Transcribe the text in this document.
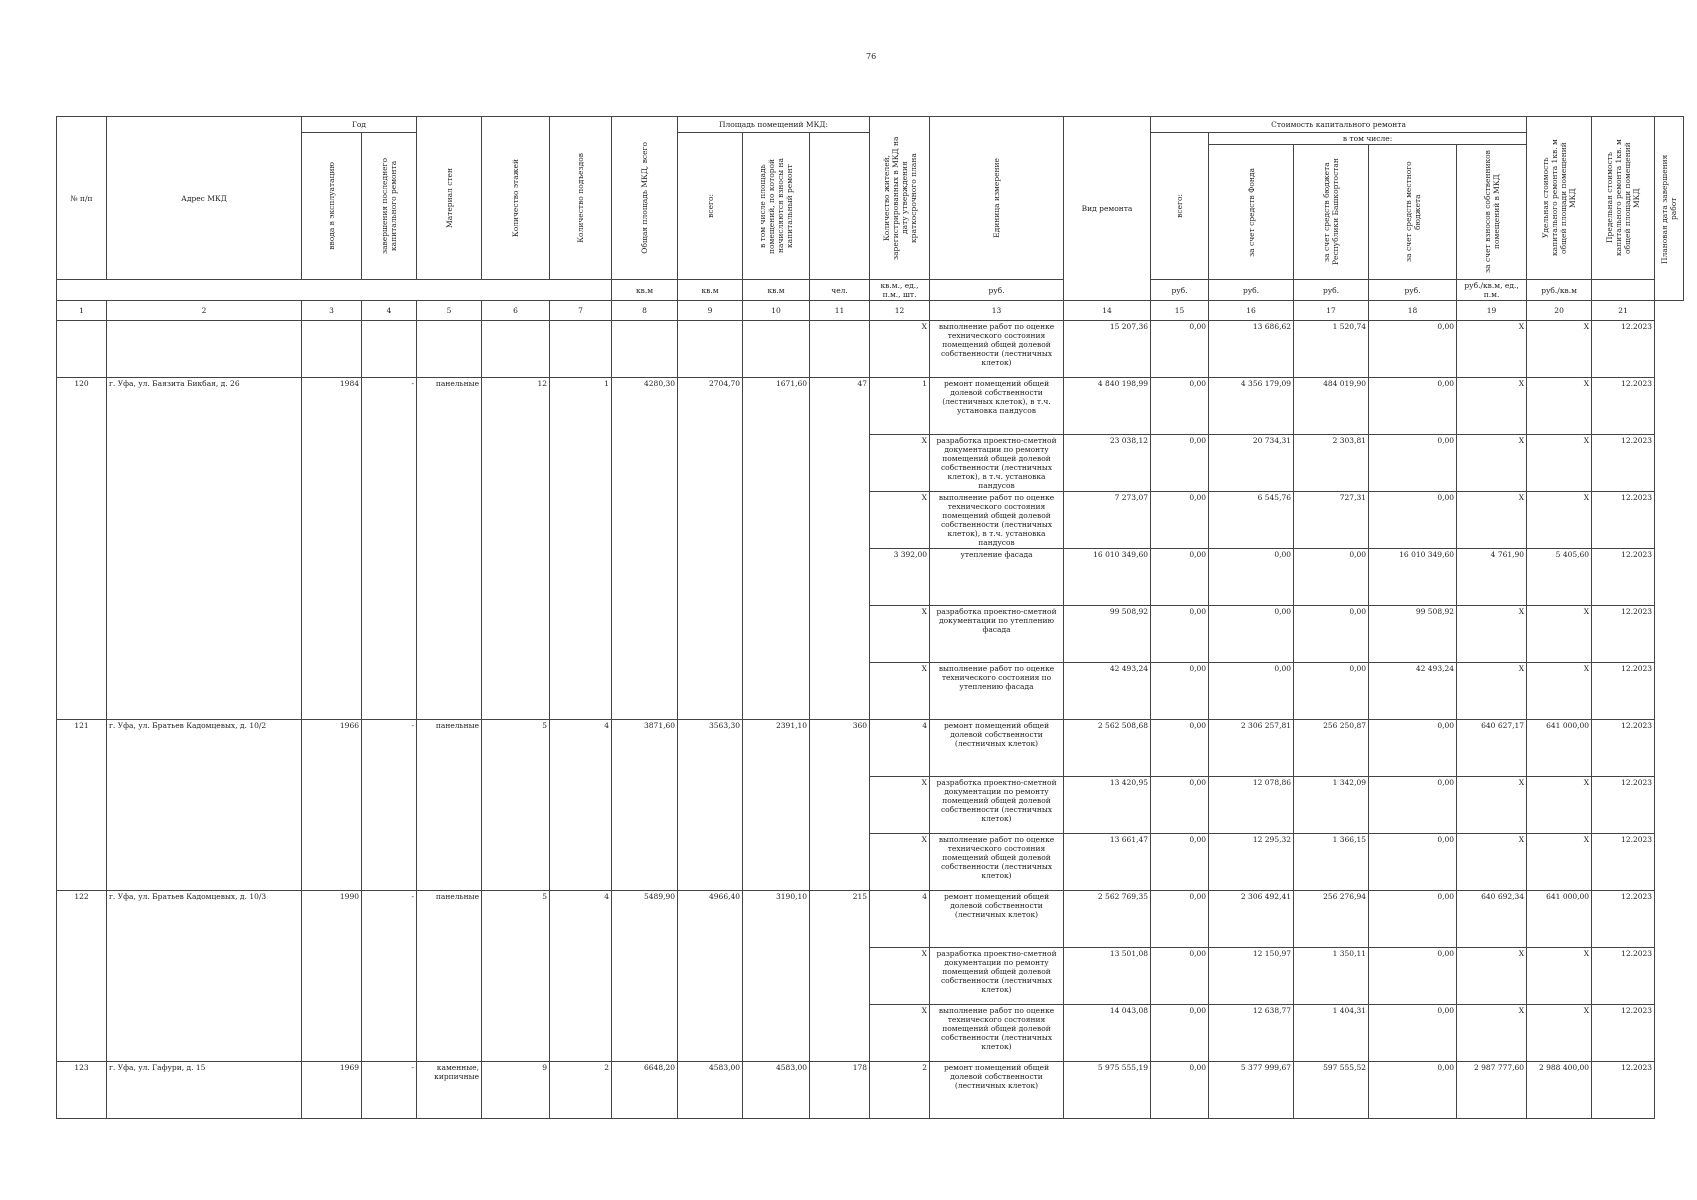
76
№ п/п	Адрес МКД	Год		Материал стен	Количество этажей	Количество подъездов	Общая площадь МКД, всего	Площадь помещений МКД:			Количество жителей, зарегистрированных в МКД на дату утверждения краткосрочного плана	Единица измерение	Вид ремонта	Стоимость капитального ремонта					Удельная стоимость капитального ремонта 1кв. м общей площади помещений МКД	Предельная стоимость капитального ремонта 1кв. м общей площади помещений МКД	Плановая дата завершения работ

		ввода в эксплуатацию	завершения последнего капитального ремонта					всего:	в том числе площадь помещений, по которой начисляются взносы на капитальный ремонт					всего:	в том числе:						

															за счет средств Фонда	за счет средств бюджета Республики Башкортостан	за счет средств местного бюджета	за счет взносов собственников помещений в МКД			

							кв.м	кв.м	кв.м	чел.	кв.м., ед., п.м., шт.	руб.		руб.	руб.	руб.	руб.	руб./кв.м, ед., п.м.	руб./кв.м		
1	2	3	4	5	6	7	8	9	10	11	12	13	14	15	16	17	18	19	20	21	
											X	выполнение работ по оценке технического состояния помещений общей долевой собственности (лестничных клеток)	15 207,36	0,00	13 686,62	1 520,74	0,00	X	X	12.2023	
120	г. Уфа, ул. Баязита Бикбая, д. 26	1984	-	панельные	12	1	4280,30	2704,70	1671,60	47	1	ремонт помещений общей долевой собственности (лестничных клеток), в т.ч. установка пандусов	4 840 198,99	0,00	4 356 179,09	484 019,90	0,00	X	X	12.2023	
											X	разработка проектно-сметной документации по ремонту помещений общей долевой собственности (лестничных клеток), в т.ч. установка пандусов	23 038,12	0,00	20 734,31	2 303,81	0,00	X	X	12.2023	
											X	выполнение работ по оценке технического состояния помещений общей долевой собственности (лестничных клеток), в т.ч. установка пандусов	7 273,07	0,00	6 545,76	727,31	0,00	X	X	12.2023	
											3 392,00	утепление фасада	16 010 349,60	0,00	0,00	0,00	16 010 349,60	4 761,90	5 405,60	12.2023	
											X	разработка проектно-сметной документации по утеплению фасада	99 508,92	0,00	0,00	0,00	99 508,92	X	X	12.2023	
											X	выполнение работ по оценке технического состояния по утеплению фасада	42 493,24	0,00	0,00	0,00	42 493,24	X	X	12.2023	
121	г. Уфа, ул. Братьев Кадомцевых, д. 10/2	1966	-	панельные	5	4	3871,60	3563,30	2391,10	360	4	ремонт помещений общей долевой собственности (лестничных клеток)	2 562 508,68	0,00	2 306 257,81	256 250,87	0,00	640 627,17	641 000,00	12.2023	
											X	разработка проектно-сметной документации по ремонту помещений общей долевой собственности (лестничных клеток)	13 420,95	0,00	12 078,86	1 342,09	0,00	X	X	12.2023	
											X	выполнение работ по оценке технического состояния помещений общей долевой собственности (лестничных клеток)	13 661,47	0,00	12 295,32	1 366,15	0,00	X	X	12.2023	
122	г. Уфа, ул. Братьев Кадомцевых, д. 10/3	1990	-	панельные	5	4	5489,90	4966,40	3190,10	215	4	ремонт помещений общей долевой собственности (лестничных клеток)	2 562 769,35	0,00	2 306 492,41	256 276,94	0,00	640 692,34	641 000,00	12.2023	
											X	разработка проектно-сметной документации по ремонту помещений общей долевой собственности (лестничных клеток)	13 501,08	0,00	12 150,97	1 350,11	0,00	X	X	12.2023	
											X	выполнение работ по оценке технического состояния помещений общей долевой собственности (лестничных клеток)	14 043,08	0,00	12 638,77	1 404,31	0,00	X	X	12.2023	
123	г. Уфа, ул. Гафури, д. 15	1969	-	каменные, кирпичные	9	2	6648,20	4583,00	4583,00	178	2	ремонт помещений общей долевой собственности (лестничных клеток)	5 975 555,19	0,00	5 377 999,67	597 555,52	0,00	2 987 777,60	2 988 400,00	12.2023	
